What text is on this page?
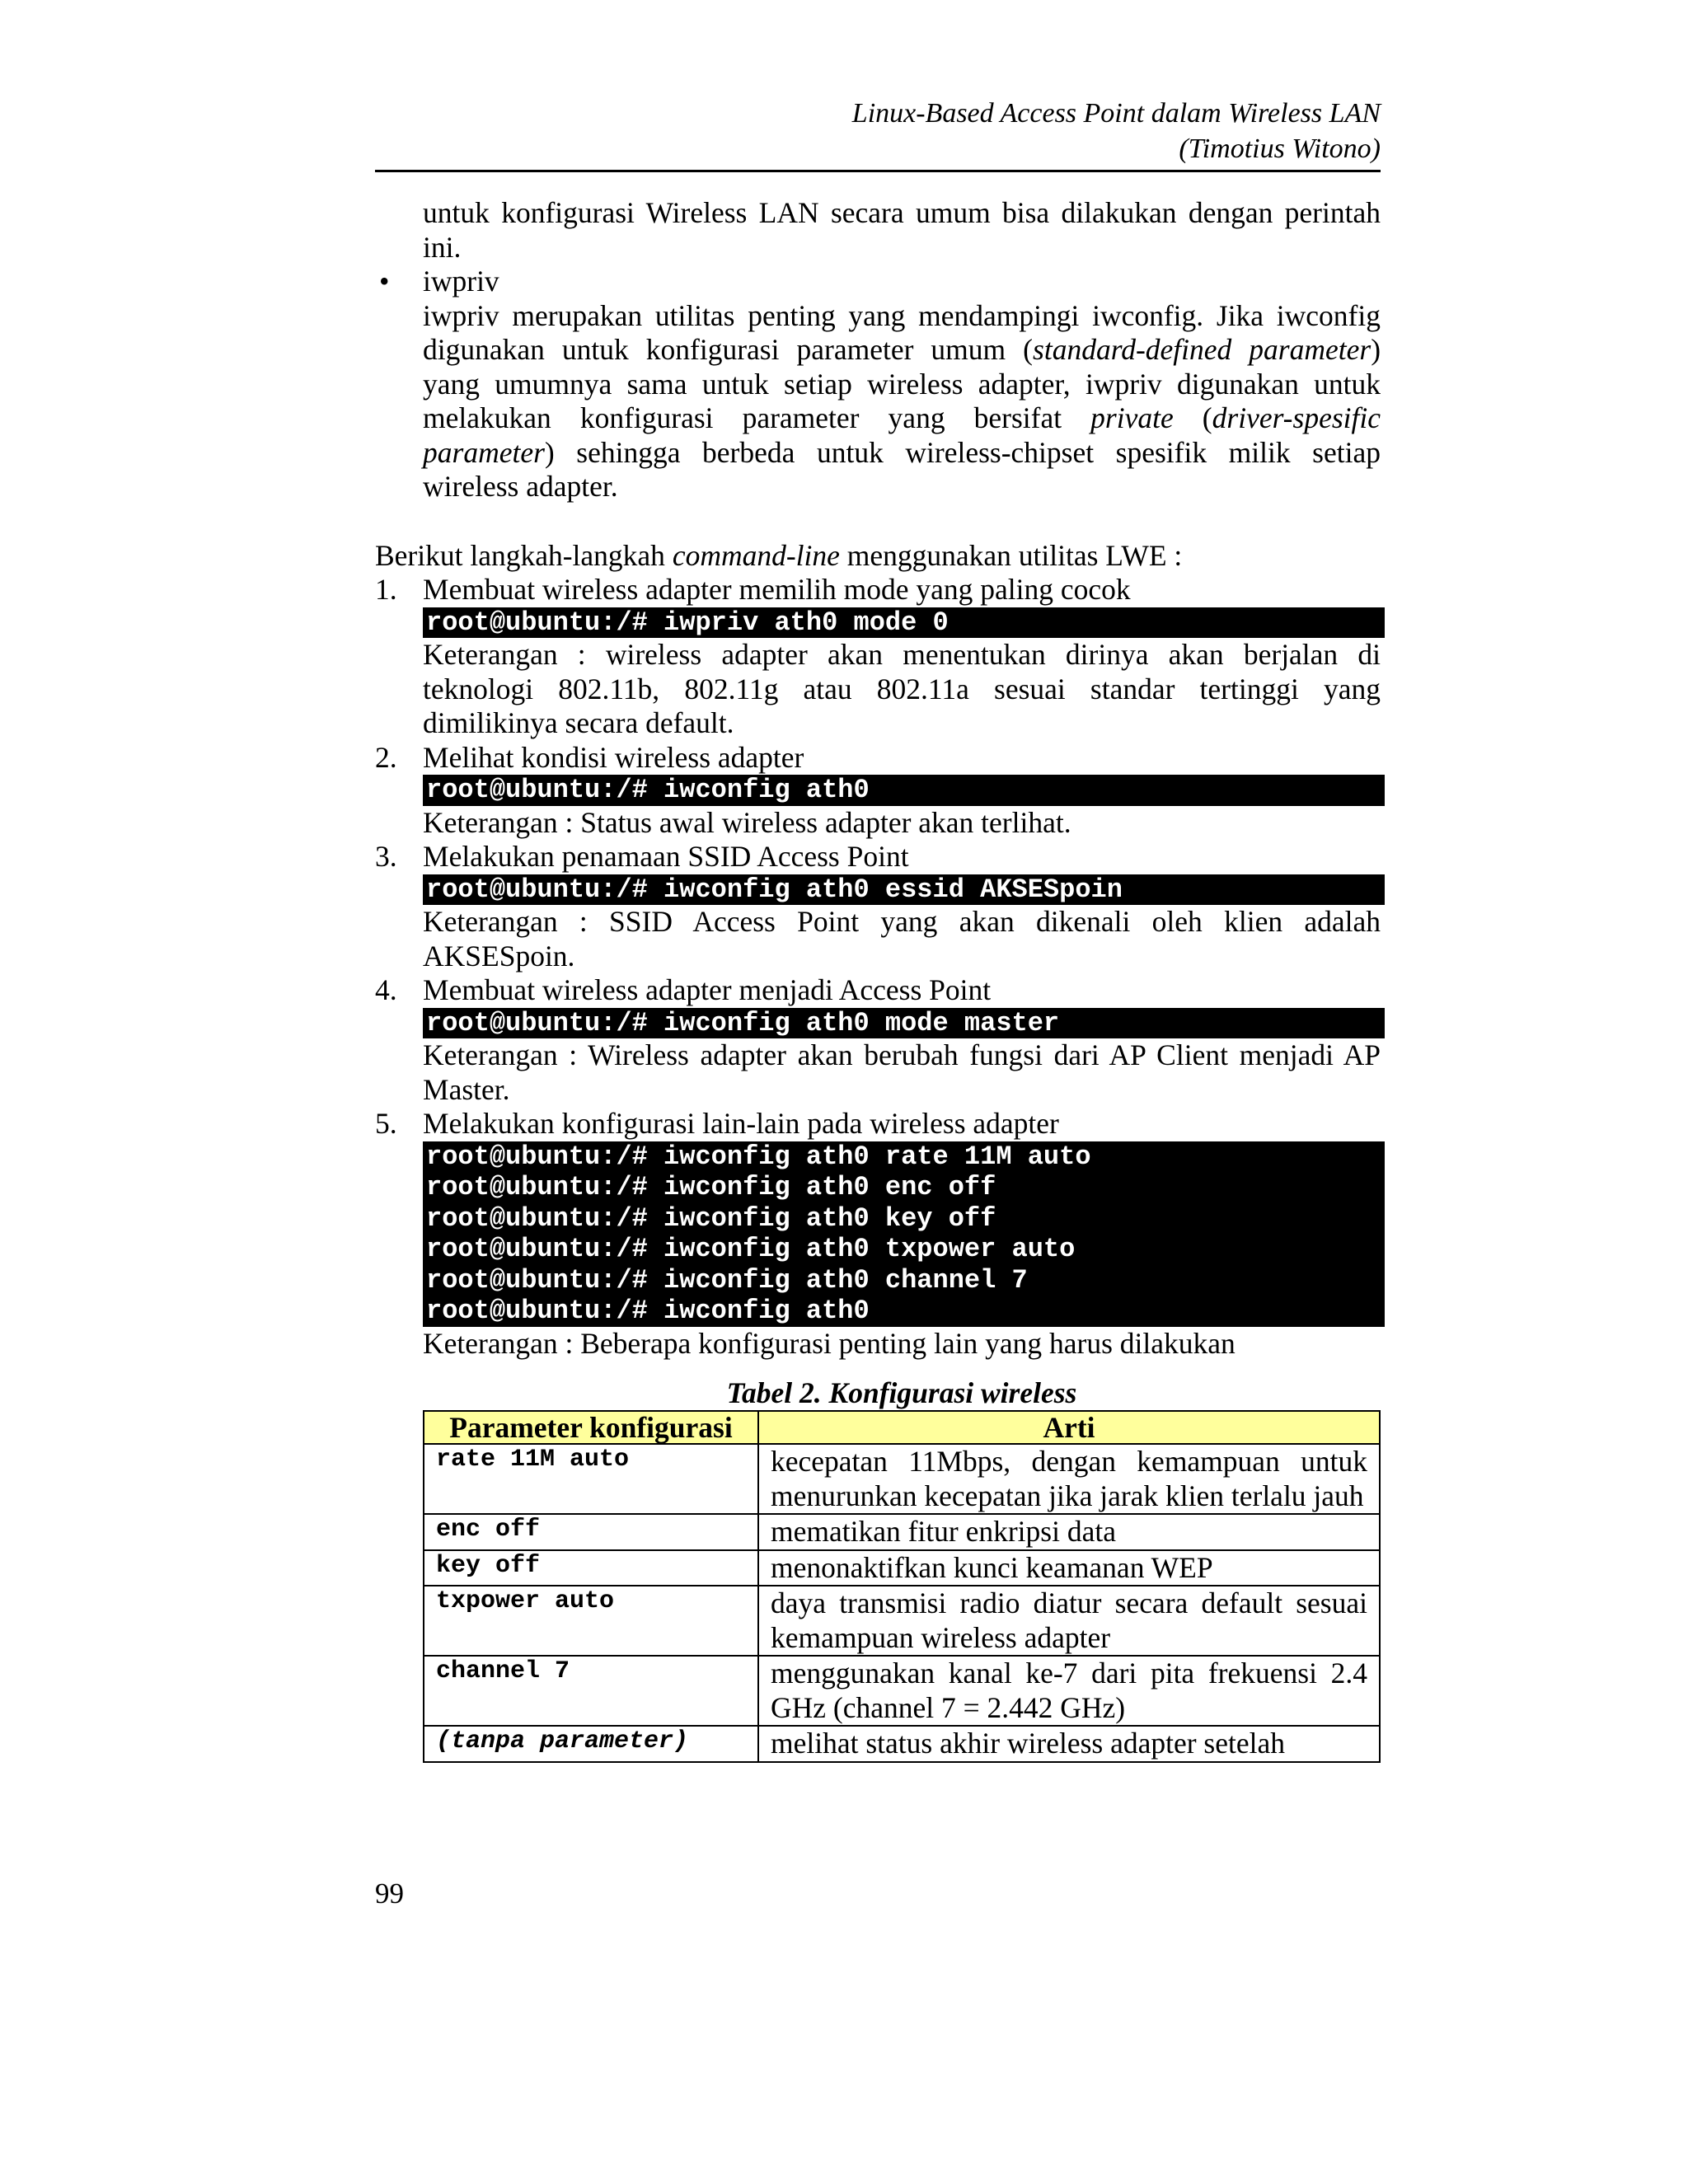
Linux-Based Access Point dalam Wireless LAN
(Timotius Witono)
untuk konfigurasi Wireless LAN secara umum bisa dilakukan dengan perintah ini.
• iwpriv
iwpriv merupakan utilitas penting yang mendampingi iwconfig. Jika iwconfig digunakan untuk konfigurasi parameter umum (standard-defined parameter) yang umumnya sama untuk setiap wireless adapter, iwpriv digunakan untuk melakukan konfigurasi parameter yang bersifat private (driver-spesific parameter) sehingga berbeda untuk wireless-chipset spesifik milik setiap wireless adapter.
Berikut langkah-langkah command-line menggunakan utilitas LWE :
1. Membuat wireless adapter memilih mode yang paling cocok
root@ubuntu:/# iwpriv ath0 mode 0
Keterangan : wireless adapter akan menentukan dirinya akan berjalan di teknologi 802.11b, 802.11g atau 802.11a sesuai standar tertinggi yang dimilikinya secara default.
2. Melihat kondisi wireless adapter
root@ubuntu:/# iwconfig ath0
Keterangan : Status awal wireless adapter akan terlihat.
3. Melakukan penamaan SSID Access Point
root@ubuntu:/# iwconfig ath0 essid AKSESpoin
Keterangan : SSID Access Point yang akan dikenali oleh klien adalah AKSESpoin.
4. Membuat wireless adapter menjadi Access Point
root@ubuntu:/# iwconfig ath0 mode master
Keterangan : Wireless adapter akan berubah fungsi dari AP Client menjadi AP Master.
5. Melakukan konfigurasi lain-lain pada wireless adapter
root@ubuntu:/# iwconfig ath0 rate 11M auto
root@ubuntu:/# iwconfig ath0 enc off
root@ubuntu:/# iwconfig ath0 key off
root@ubuntu:/# iwconfig ath0 txpower auto
root@ubuntu:/# iwconfig ath0 channel 7
root@ubuntu:/# iwconfig ath0
Keterangan : Beberapa konfigurasi penting lain yang harus dilakukan
Tabel 2. Konfigurasi wireless
Parameter konfigurasi	Arti
rate 11M auto	kecepatan 11Mbps, dengan kemampuan untuk menurunkan kecepatan jika jarak klien terlalu jauh
enc off	mematikan fitur enkripsi data
key off	menonaktifkan kunci keamanan WEP
txpower auto	daya transmisi radio diatur secara default sesuai kemampuan wireless adapter
channel 7	menggunakan kanal ke-7 dari pita frekuensi 2.4 GHz (channel 7 = 2.442 GHz)
(tanpa parameter)	melihat status akhir wireless adapter setelah
99
